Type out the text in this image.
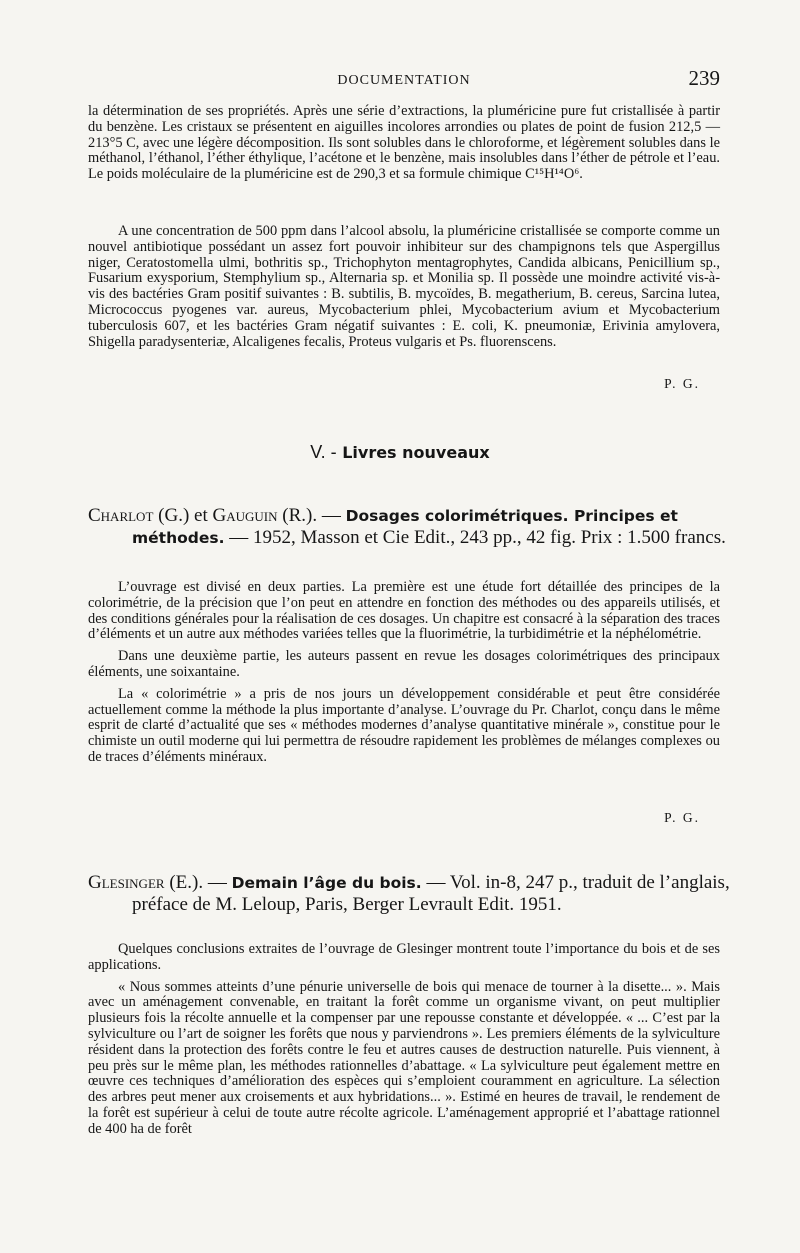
DOCUMENTATION	239

la détermination de ses propriétés. Après une série d’extractions, la pluméricine pure fut cristallisée à partir du benzène. Les cristaux se présentent en aiguilles incolores arrondies ou plates de point de fusion 212,5 — 213°5 C, avec une légère décomposition. Ils sont solubles dans le chloroforme, et légèrement solubles dans le méthanol, l’éthanol, l’éther éthylique, l’acétone et le benzène, mais insolubles dans l’éther de pétrole et l’eau. Le poids moléculaire de la pluméricine est de 290,3 et sa formule chimique C¹⁵H¹⁴O⁶.

A une concentration de 500 ppm dans l’alcool absolu, la pluméricine cristallisée se comporte comme un nouvel antibiotique possédant un assez fort pouvoir inhibiteur sur des champignons tels que Aspergillus niger, Ceratostomella ulmi, bothritis sp., Trichophyton mentagrophytes, Candida albicans, Penicillium sp., Fusarium exysporium, Stemphylium sp., Alternaria sp. et Monilia sp. Il possède une moindre activité vis-à-vis des bactéries Gram positif suivantes : B. subtilis, B. mycoïdes, B. megatherium, B. cereus, Sarcina lutea, Micrococcus pyogenes var. aureus, Mycobacterium phlei, Mycobacterium avium et Mycobacterium tuberculosis 607, et les bactéries Gram négatif suivantes : E. coli, K. pneumoniæ, Erivinia amylovera, Shigella paradysenteriæ, Alcaligenes fecalis, Proteus vulgaris et Ps. fluorenscens.

P. G.
V. - Livres nouveaux

Charlot (G.) et Gauguin (R.). — Dosages colorimétriques. Principes et méthodes. — 1952, Masson et Cie Edit., 243 pp., 42 fig. Prix : 1.500 francs.

L’ouvrage est divisé en deux parties. La première est une étude fort détaillée des principes de la colorimétrie, de la précision que l’on peut en attendre en fonction des méthodes ou des appareils utilisés, et des conditions générales pour la réalisation de ces dosages. Un chapitre est consacré à la séparation des traces d’éléments et un autre aux méthodes variées telles que la fluorimétrie, la turbidimétrie et la néphélométrie.

Dans une deuxième partie, les auteurs passent en revue les dosages colorimétriques des principaux éléments, une soixantaine.

La « colorimétrie » a pris de nos jours un développement considérable et peut être considérée actuellement comme la méthode la plus importante d’analyse. L’ouvrage du Pr. Charlot, conçu dans le même esprit de clarté d’actualité que ses « méthodes modernes d’analyse quantitative minérale », constitue pour le chimiste un outil moderne qui lui permettra de résoudre rapidement les problèmes de mélanges complexes ou de traces d’éléments minéraux.

P. G.

Glesinger (E.). — Demain l’âge du bois. — Vol. in-8, 247 p., traduit de l’anglais, préface de M. Leloup, Paris, Berger Levrault Edit. 1951.

Quelques conclusions extraites de l’ouvrage de Glesinger montrent toute l’importance du bois et de ses applications.

« Nous sommes atteints d’une pénurie universelle de bois qui menace de tourner à la disette... ». Mais avec un aménagement convenable, en traitant la forêt comme un organisme vivant, on peut multiplier plusieurs fois la récolte annuelle et la compenser par une repousse constante et développée. « ... C’est par la sylviculture ou l’art de soigner les forêts que nous y parviendrons ». Les premiers éléments de la sylviculture résident dans la protection des forêts contre le feu et autres causes de destruction naturelle. Puis viennent, à peu près sur le même plan, les méthodes rationnelles d’abattage. « La sylviculture peut également mettre en œuvre ces techniques d’amélioration des espèces qui s’emploient couramment en agriculture. La sélection des arbres peut mener aux croisements et aux hybridations... ». Estimé en heures de travail, le rendement de la forêt est supérieur à celui de toute autre récolte agricole. L’aménagement approprié et l’abattage rationnel de 400 ha de forêt
